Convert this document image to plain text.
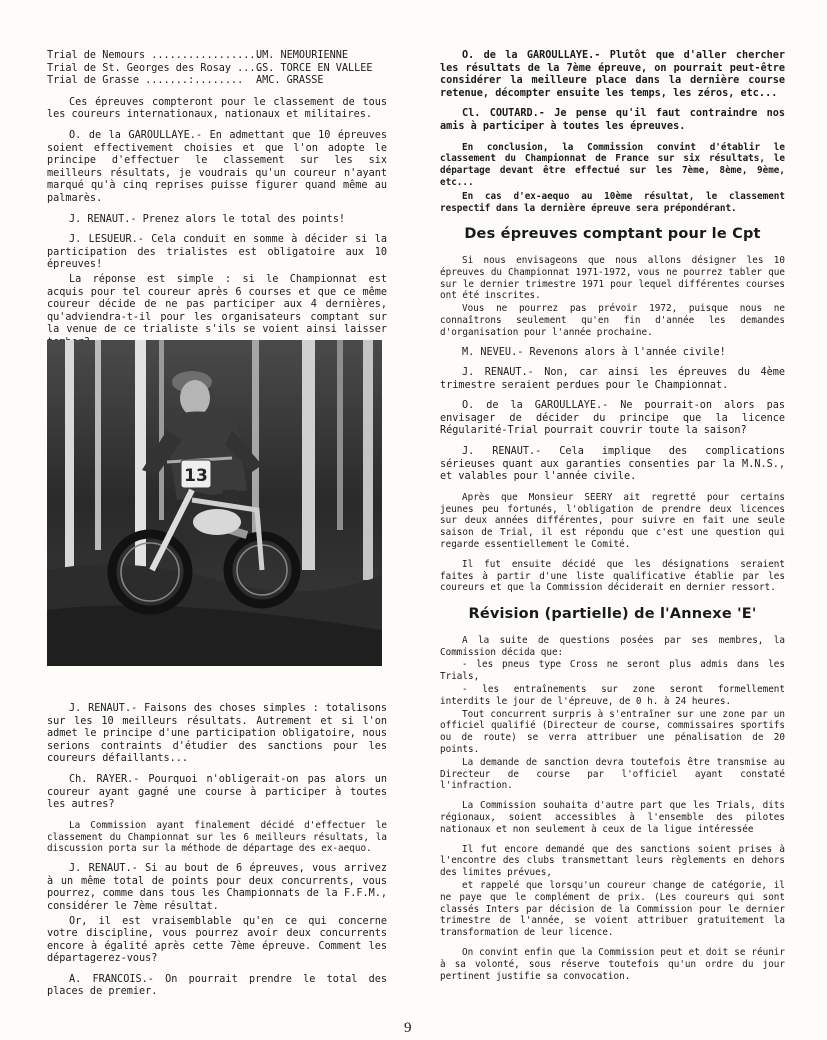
Trial de Nemours ..................
UM. NEMOURIENNE
Trial de St. Georges des Rosay ....
GS. TORCE EN VALLEE
Trial de Grasse .......:........	AMC. GRASSE

Ces épreuves compteront pour le classement de tous les coureurs internationaux, nationaux et militaires.

O. de la GAROULLAYE.- En admettant que 10 épreuves soient effectivement choisies et que l'on adopte le principe d'effectuer le classement sur les six meilleurs résultats, je voudrais qu'un coureur n'ayant marqué qu'à cinq reprises puisse figurer quand même au palmarès.

J. RENAUT.- Prenez alors le total des points!

J. LESUEUR.- Cela conduit en somme à décider si la participation des trialistes est obligatoire aux 10 épreuves!

La réponse est simple : si le Championnat est acquis pour tel coureur après 6 courses et que ce même coureur décide de ne pas participer aux 4 dernières, qu'adviendra-t-il pour les organisateurs comptant sur la venue de ce trialiste s'ils se voient ainsi laisser

13

J. RENAUT.- Faisons des choses simples : totalisons sur les 10 meilleurs résultats. Autrement et si l'on admet le principe d'une participation obligatoire, nous serions contraints d'étudier des sanctions pour les coureurs défaillants...

Ch. RAYER.- Pourquoi n'obligerait-on pas alors un coureur ayant gagné une course à participer à toutes les autres?

La Commission ayant finalement décidé d'effectuer le classement du Championnat sur les 6 meilleurs résultats, la discussion porta sur la méthode de départage des ex-aequo.

J. RENAUT.- Si au bout de 6 épreuves, vous arrivez à un même total de points pour deux concurrents, vous pourrez, comme dans tous les Championnats de la F.F.M., considérer le 7ème résultat.

Or, il est vraisemblable qu'en ce qui concerne votre discipline, vous pourrez avoir deux concurrents encore à égalité après cette 7ème épreuve. Comment les départagerez-vous?

A. FRANCOIS.- On pourrait prendre le total des places de premier.

O. de la GAROULLAYE.- Plutôt que d'aller chercher les résultats de la 7ème épreuve, on pourrait peut-être considérer la meilleure place dans la dernière course retenue, décompter ensuite les temps, les zéros, etc...

Cl. COUTARD.- Je pense qu'il faut contraindre nos amis à participer à toutes les épreuves.

En conclusion, la Commission convint d'établir le classement du Championnat de France sur six résultats, le départage devant être effectué sur les 7ème, 8ème, 9ème, etc...

En cas d'ex-aequo au 10ème résultat, le classement respectif dans la dernière épreuve sera prépondérant.

Des épreuves comptant pour le Cpt

Si nous envisageons que nous allons désigner les 10 épreuves du Championnat 1971-1972, vous ne pourrez tabler que sur le dernier trimestre 1971 pour lequel différentes courses ont été inscrites.

Vous ne pourrez pas prévoir 1972, puisque nous ne connaîtrons seulement qu'en fin d'année les demandes d'organisation pour l'année prochaine.

M. NEVEU.- Revenons alors à l'année civile!

J. RENAUT.- Non, car ainsi les épreuves du 4ème trimestre seraient perdues pour le Championnat.

O. de la GAROULLAYE.- Ne pourrait-on alors pas envisager de décider du principe que la licence Régularité-Trial pourrait couvrir toute la saison?

J. RENAUT.- Cela implique des complications sérieuses quant aux garanties consenties par la M.N.S., et valables pour l'année civile.

Après que Monsieur SEERY ait regretté pour certains jeunes peu fortunés, l'obligation de prendre deux licences sur deux années différentes, pour suivre en fait une seule saison de Trial, il est répondu que c'est une question qui regarde essentiellement le Comité.

Il fut ensuite décidé que les désignations seraient faites à partir d'une liste qualificative établie par les coureurs et que la Commission déciderait en dernier ressort.

Révision (partielle) de l'Annexe 'E'

A la suite de questions posées par ses membres, la Commission décida que:

- les pneus type Cross ne seront plus admis dans les Trials,

- les entraînements sur zone seront formellement interdits le jour de l'épreuve, de 0 h. à 24 heures.

Tout concurrent surpris à s'entraîner sur une zone par un officiel qualifié (Directeur de course, commissaires sportifs ou de route) se verra attribuer une pénalisation de 20 points.

La demande de sanction devra toutefois être transmise au Directeur de course par l'officiel ayant constaté l'infraction.

La Commission souhaita d'autre part que les Trials, dits régionaux, soient accessibles à l'ensemble des pilotes nationaux et non seulement à ceux de la ligue intéressée

Il fut encore demandé que des sanctions soient prises à l'encontre des clubs transmettant leurs règlements en dehors des limites prévues,

et rappelé que lorsqu'un coureur change de catégorie, il ne paye que le complément de prix. (Les coureurs qui sont classés Inters par décision de la Commission pour le dernier trimestre de l'année, se voient attribuer gratuitement la transformation de leur licence.

On convint enfin que la Commission peut et doit se réunir à sa volonté, sous réserve toutefois qu'un ordre du jour pertinent justifie sa convocation.

9
